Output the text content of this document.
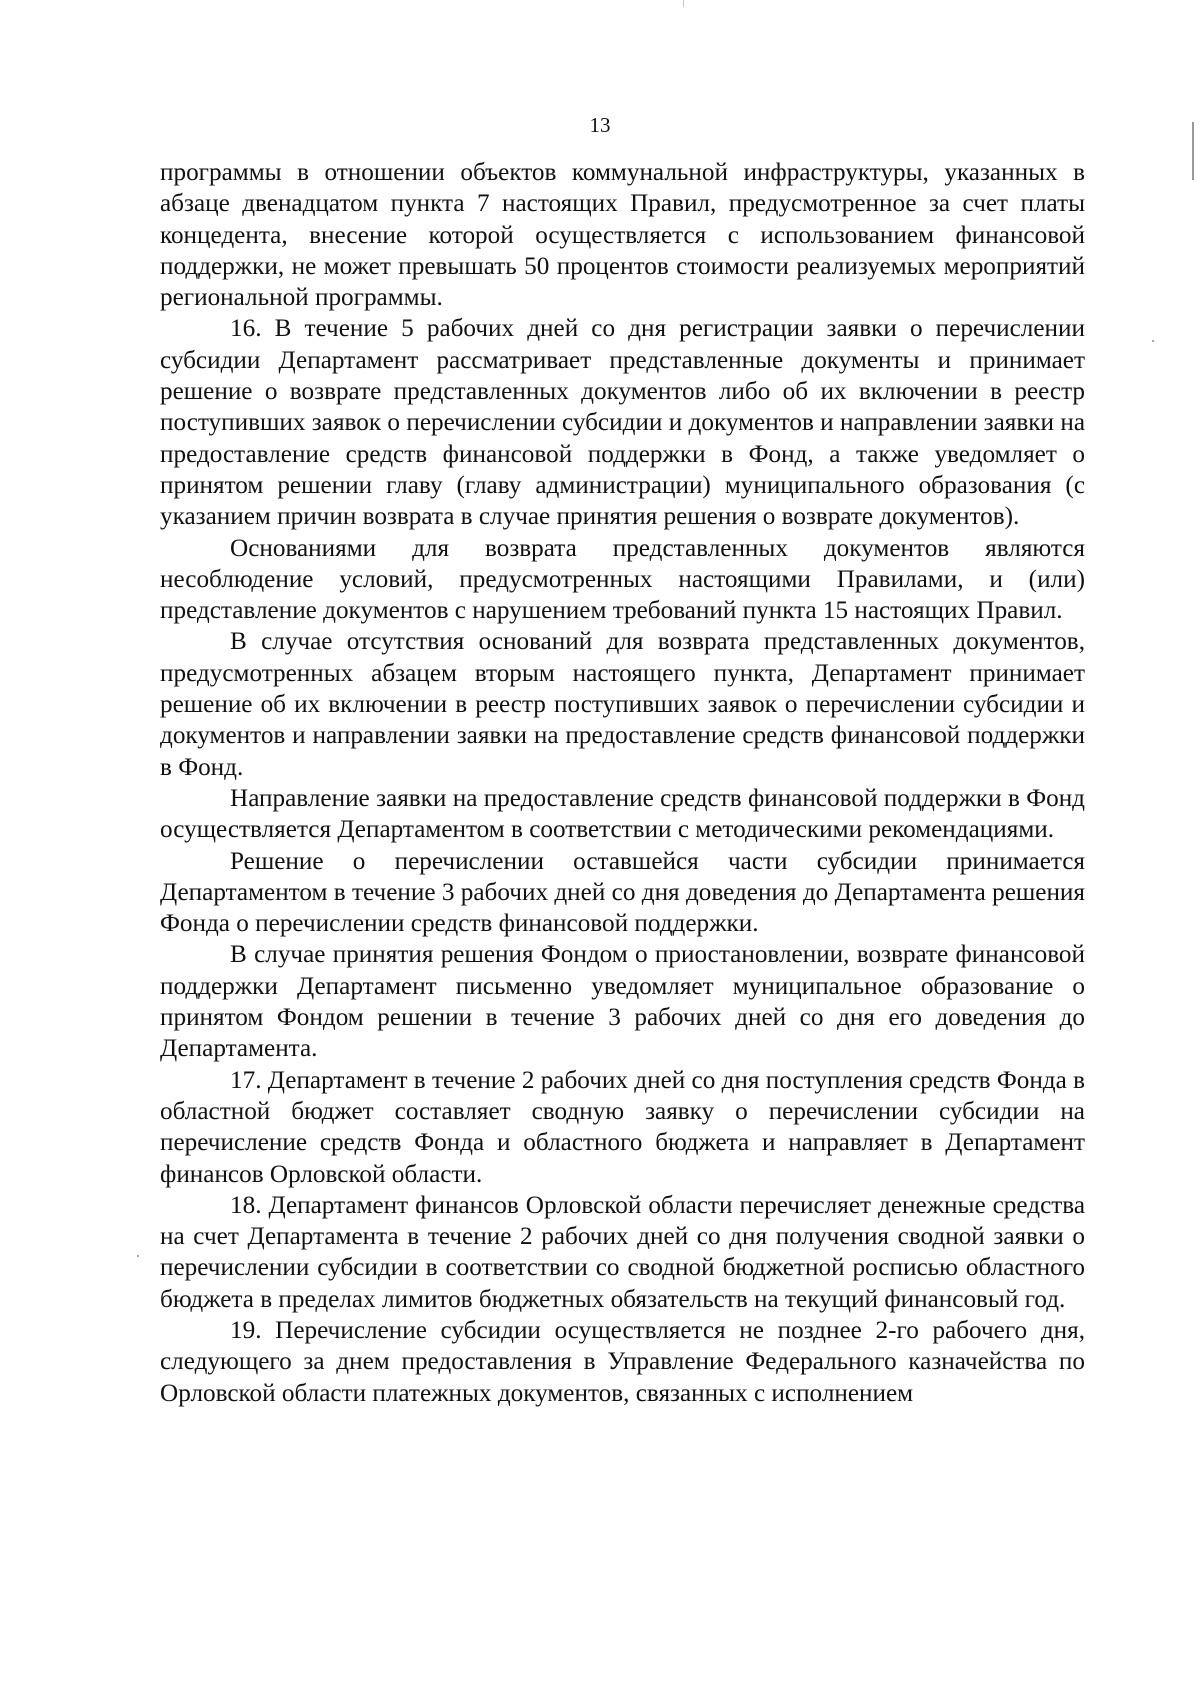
13

программы в отношении объектов коммунальной инфраструктуры, указанных в абзаце двенадцатом пункта 7 настоящих Правил, предусмотренное за счет платы концедента, внесение которой осуществляется с использованием финансовой поддержки, не может превышать 50 процентов стоимости реализуемых мероприятий региональной программы.

16. В течение 5 рабочих дней со дня регистрации заявки о перечислении субсидии Департамент рассматривает представленные документы и принимает решение о возврате представленных документов либо об их включении в реестр поступивших заявок о перечислении субсидии и документов и направлении заявки на предоставление средств финансовой поддержки в Фонд, а также уведомляет о принятом решении главу (главу администрации) муниципального образования (с указанием причин возврата в случае принятия решения о возврате документов).

Основаниями для возврата представленных документов являются несоблюдение условий, предусмотренных настоящими Правилами, и (или) представление документов с нарушением требований пункта 15 настоящих Правил.

В случае отсутствия оснований для возврата представленных документов, предусмотренных абзацем вторым настоящего пункта, Департамент принимает решение об их включении в реестр поступивших заявок о перечислении субсидии и документов и направлении заявки на предоставление средств финансовой поддержки в Фонд.

Направление заявки на предоставление средств финансовой поддержки в Фонд осуществляется Департаментом в соответствии с методическими рекомендациями.

Решение о перечислении оставшейся части субсидии принимается Департаментом в течение 3 рабочих дней со дня доведения до Департамента решения Фонда о перечислении средств финансовой поддержки.

В случае принятия решения Фондом о приостановлении, возврате финансовой поддержки Департамент письменно уведомляет муниципальное образование о принятом Фондом решении в течение 3 рабочих дней со дня его доведения до Департамента.

17. Департамент в течение 2 рабочих дней со дня поступления средств Фонда в областной бюджет составляет сводную заявку о перечислении субсидии на перечисление средств Фонда и областного бюджета и направляет в Департамент финансов Орловской области.

18. Департамент финансов Орловской области перечисляет денежные средства на счет Департамента в течение 2 рабочих дней со дня получения сводной заявки о перечислении субсидии в соответствии со сводной бюджетной росписью областного бюджета в пределах лимитов бюджетных обязательств на текущий финансовый год.

19. Перечисление субсидии осуществляется не позднее 2-го рабочего дня, следующего за днем предоставления в Управление Федерального казначейства по Орловской области платежных документов, связанных с исполнением
